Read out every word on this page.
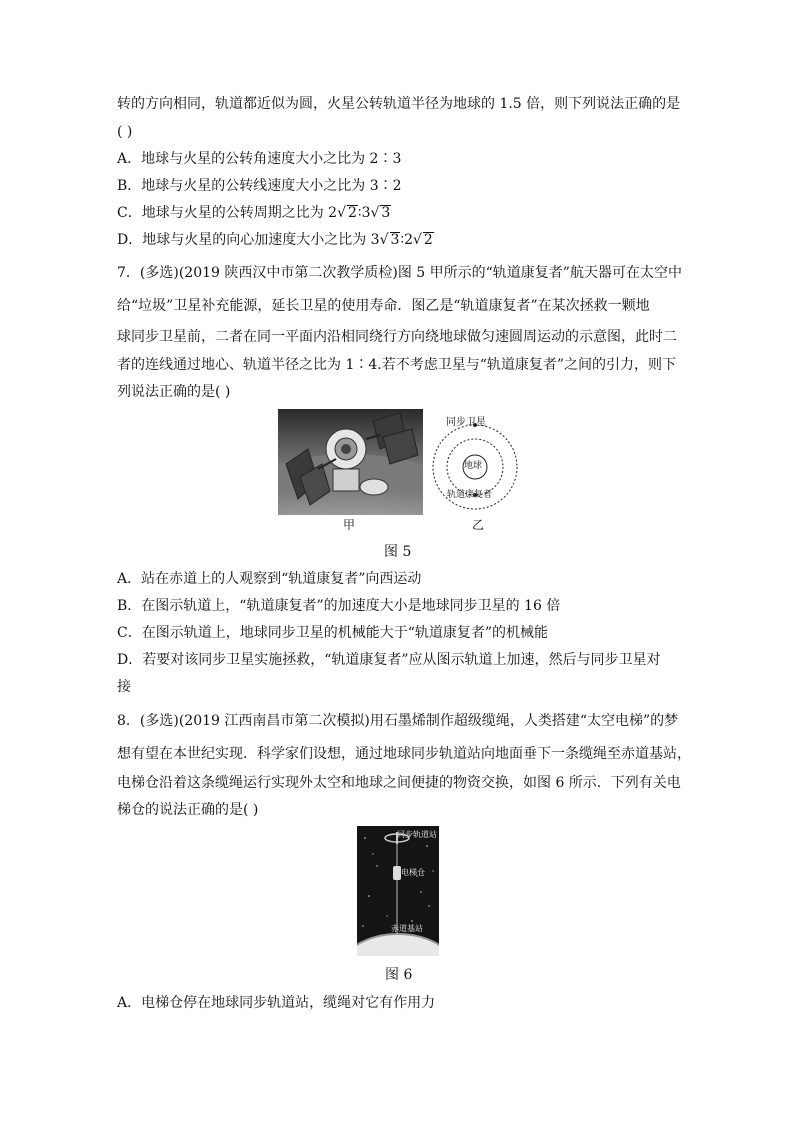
转的方向相同，轨道都近似为圆，火星公转轨道半径为地球的 1.5 倍，则下列说法正确的是
( )
A．地球与火星的公转角速度大小之比为 2∶3
B．地球与火星的公转线速度大小之比为 3∶2
C．地球与火星的公转周期之比为 2√ 2∶3√ 3
D．地球与火星的向心加速度大小之比为 3√ 3∶2√ 2
7．(多选)(2019 陕西汉中市第二次教学质检)图 5 甲所示的“轨道康复者”航天器可在太空中
给“垃圾”卫星补充能源，延长卫星的使用寿命．图乙是“轨道康复者”在某次拯救一颗地
球同步卫星前，二者在同一平面内沿相同绕行方向绕地球做匀速圆周运动的示意图，此时二
者的连线通过地心、轨道半径之比为 1∶4.若不考虑卫星与“轨道康复者”之间的引力，则下
列说法正确的是( )
甲
同步卫星
地球
轨道康复者
乙
图 5
A．站在赤道上的人观察到“轨道康复者”向西运动
B．在图示轨道上，“轨道康复者”的加速度大小是地球同步卫星的 16 倍
C．在图示轨道上，地球同步卫星的机械能大于“轨道康复者”的机械能
D．若要对该同步卫星实施拯救，“轨道康复者”应从图示轨道上加速，然后与同步卫星对
接
8．(多选)(2019 江西南昌市第二次模拟)用石墨烯制作超级缆绳，人类搭建“太空电梯”的梦
想有望在本世纪实现．科学家们设想，通过地球同步轨道站向地面垂下一条缆绳至赤道基站，
电梯仓沿着这条缆绳运行实现外太空和地球之间便捷的物资交换，如图 6 所示．下列有关电
梯仓的说法正确的是( )
同步轨道站
电梯仓
赤道基站
图 6
A．电梯仓停在地球同步轨道站，缆绳对它有作用力
